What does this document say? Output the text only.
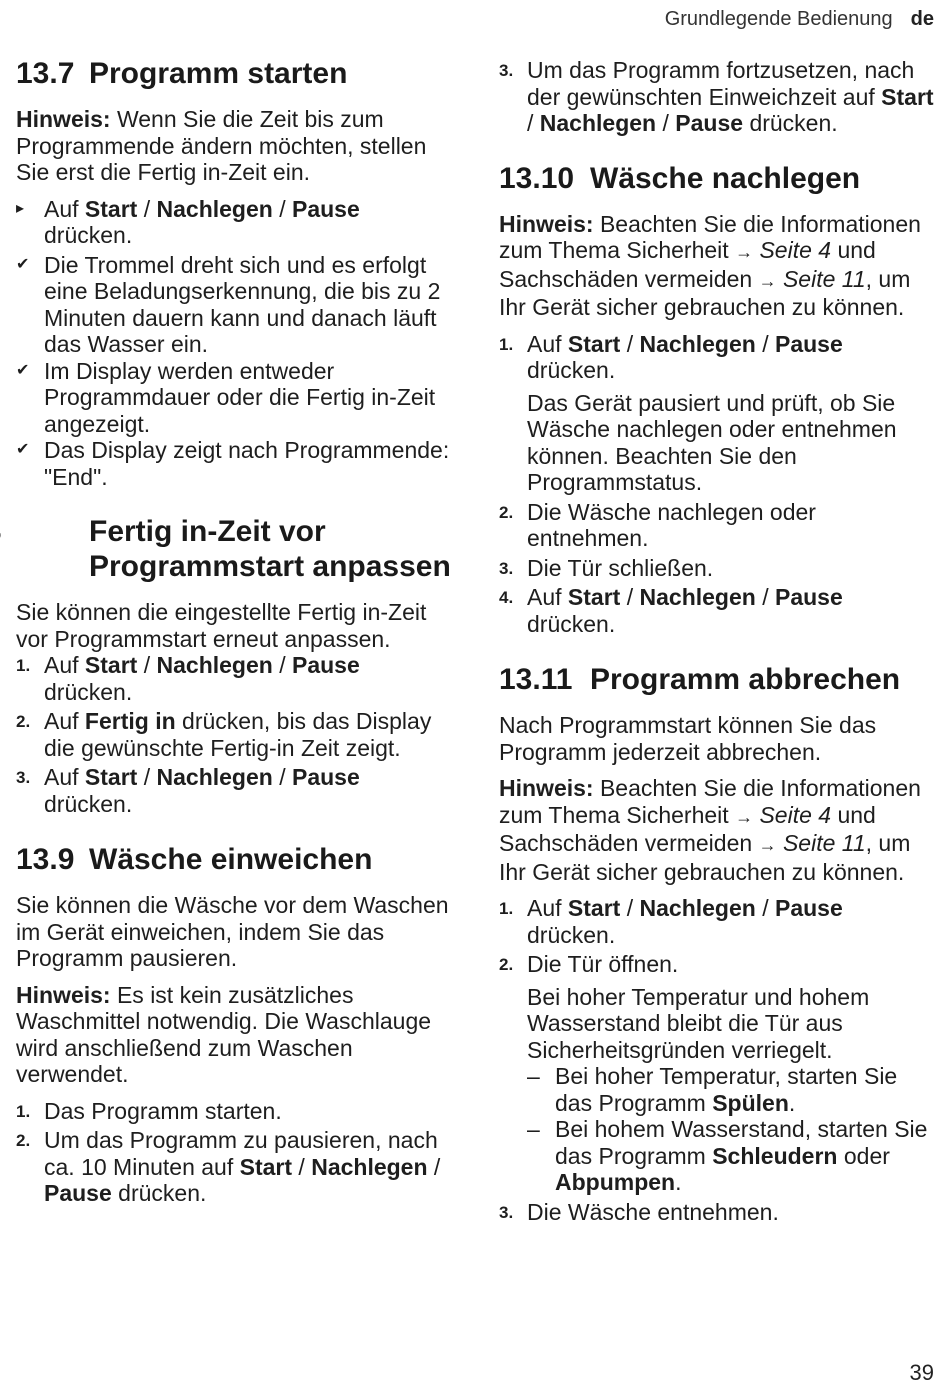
Grundlegende Bedienung de
13.7 Programm starten
Hinweis: Wenn Sie die Zeit bis zum Programmende ändern möchten, stellen Sie erst die Fertig in-Zeit ein.
▸ Auf Start / Nachlegen / Pause drücken.
✔ Die Trommel dreht sich und es erfolgt eine Beladungserkennung, die bis zu 2 Minuten dauern kann und danach läuft das Wasser ein.
✔ Im Display werden entweder Programmdauer oder die Fertig in-Zeit angezeigt.
✔ Das Display zeigt nach Programmende: "End".
Fertig in-Zeit vor Programmstart anpassen
Sie können die eingestellte Fertig in-Zeit vor Programmstart erneut anpassen.
1. Auf Start / Nachlegen / Pause drücken.
2. Auf Fertig in drücken, bis das Display die gewünschte Fertig-in Zeit zeigt.
3. Auf Start / Nachlegen / Pause drücken.
13.9 Wäsche einweichen
Sie können die Wäsche vor dem Waschen im Gerät einweichen, indem Sie das Programm pausieren.
Hinweis: Es ist kein zusätzliches Waschmittel notwendig. Die Waschlauge wird anschließend zum Waschen verwendet.
1. Das Programm starten.
2. Um das Programm zu pausieren, nach ca. 10 Minuten auf Start / Nachlegen / Pause drücken.
3. Um das Programm fortzusetzen, nach der gewünschten Einweichzeit auf Start / Nachlegen / Pause drücken.
13.10 Wäsche nachlegen
Hinweis: Beachten Sie die Informationen zum Thema Sicherheit → Seite 4 und Sachschäden vermeiden → Seite 11, um Ihr Gerät sicher gebrauchen zu können.
1. Auf Start / Nachlegen / Pause drücken.
Das Gerät pausiert und prüft, ob Sie Wäsche nachlegen oder entnehmen können. Beachten Sie den Programmstatus.
2. Die Wäsche nachlegen oder entnehmen.
3. Die Tür schließen.
4. Auf Start / Nachlegen / Pause drücken.
13.11 Programm abbrechen
Nach Programmstart können Sie das Programm jederzeit abbrechen.
Hinweis: Beachten Sie die Informationen zum Thema Sicherheit → Seite 4 und Sachschäden vermeiden → Seite 11, um Ihr Gerät sicher gebrauchen zu können.
1. Auf Start / Nachlegen / Pause drücken.
2. Die Tür öffnen.
Bei hoher Temperatur und hohem Wasserstand bleibt die Tür aus Sicherheitsgründen verriegelt.
– Bei hoher Temperatur, starten Sie das Programm Spülen.
– Bei hohem Wasserstand, starten Sie das Programm Schleudern oder Abpumpen.
3. Die Wäsche entnehmen.
39
